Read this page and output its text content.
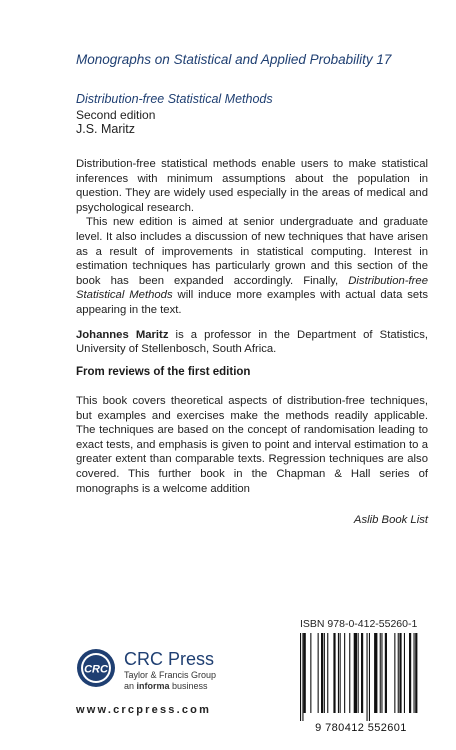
Monographs on Statistical and Applied Probability 17
Distribution-free Statistical Methods
Second edition
J.S. Maritz

Distribution-free statistical methods enable users to make statistical inferences with minimum assumptions about the population in question. They are widely used especially in the areas of medical and psychological research.

This new edition is aimed at senior undergraduate and graduate level. It also includes a discussion of new techniques that have arisen as a result of improvements in statistical computing. Interest in estimation techniques has particularly grown and this section of the book has been expanded accordingly. Finally, Distribution-free Statistical Methods will induce more examples with actual data sets appearing in the text.

Johannes Maritz is a professor in the Department of Statistics, University of Stellenbosch, South Africa.

From reviews of the first edition

This book covers theoretical aspects of distribution-free techniques, but examples and exercises make the methods readily applicable. The techniques are based on the concept of randomisation leading to exact tests, and emphasis is given to point and interval estimation to a greater extent than comparable texts. Regression techniques are also covered. This further book in the Chapman & Hall series of monographs is a welcome addition

Aslib Book List
ISBN 978-0-412-55260-1
9 780412 552601
CRC
CRC Press
Taylor & Francis Group
an informa business
www.crcpress.com
